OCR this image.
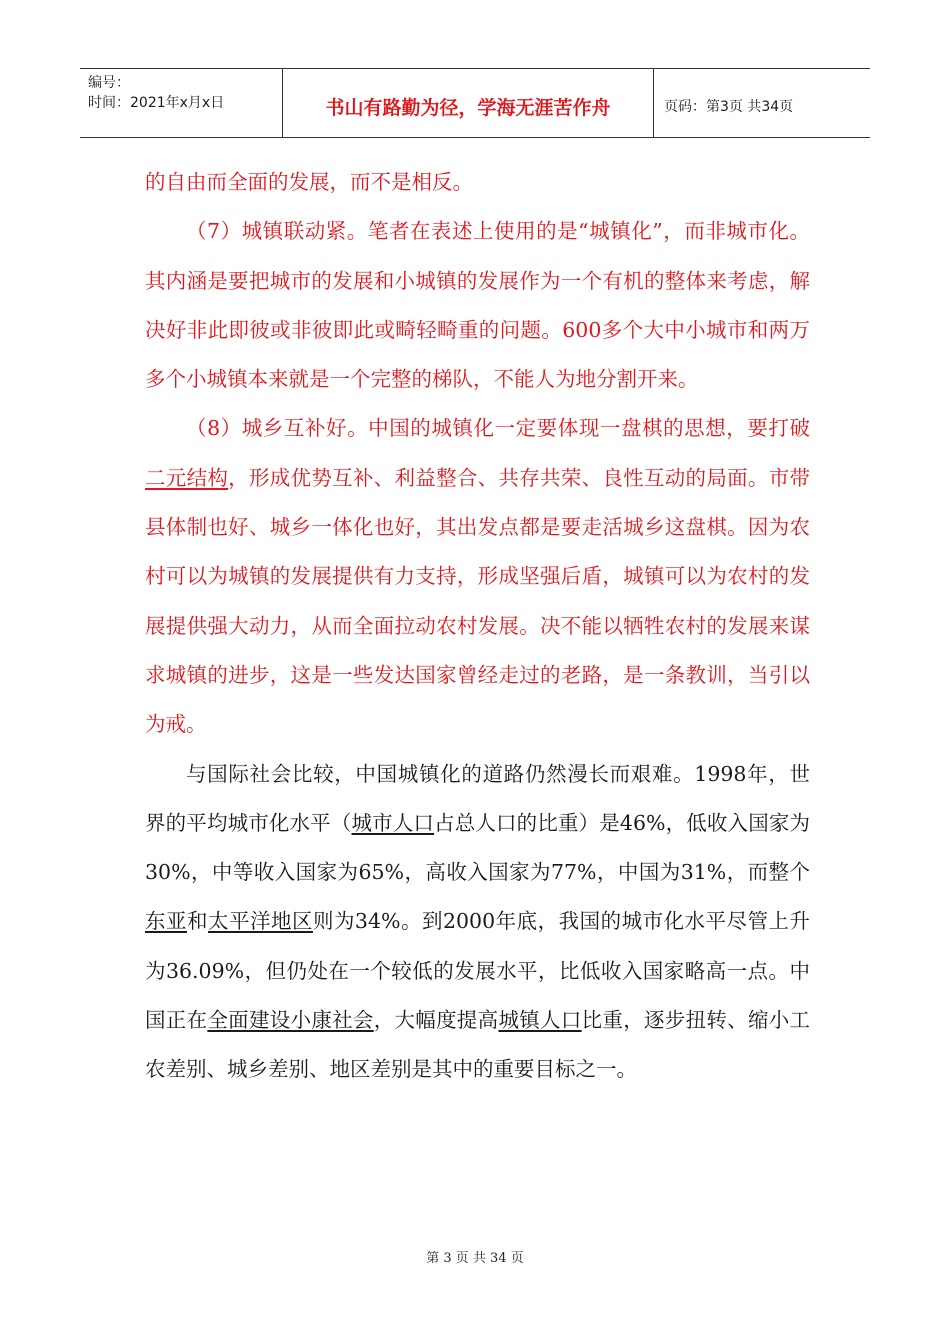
编号：
时间：2021年x月x日	书山有路勤为径，学海无涯苦作舟	页码：第3页 共34页

的自由而全面的发展，而不是相反。

（7）城镇联动紧。笔者在表述上使用的是“城镇化”，而非城市化。其内涵是要把城市的发展和小城镇的发展作为一个有机的整体来考虑，解决好非此即彼或非彼即此或畸轻畸重的问题。600多个大中小城市和两万多个小城镇本来就是一个完整的梯队，不能人为地分割开来。

（8）城乡互补好。中国的城镇化一定要体现一盘棋的思想，要打破二元结构，形成优势互补、利益整合、共存共荣、良性互动的局面。市带县体制也好、城乡一体化也好，其出发点都是要走活城乡这盘棋。因为农村可以为城镇的发展提供有力支持，形成坚强后盾，城镇可以为农村的发展提供强大动力，从而全面拉动农村发展。决不能以牺牲农村的发展来谋求城镇的进步，这是一些发达国家曾经走过的老路，是一条教训，当引以为戒。

与国际社会比较，中国城镇化的道路仍然漫长而艰难。1998年，世界的平均城市化水平（城市人口占总人口的比重）是46%，低收入国家为30%，中等收入国家为65%，高收入国家为77%，中国为31%，而整个东亚和太平洋地区则为34%。到2000年底，我国的城市化水平尽管上升为36.09%，但仍处在一个较低的发展水平，比低收入国家略高一点。中国正在全面建设小康社会，大幅度提高城镇人口比重，逐步扭转、缩小工农差别、城乡差别、地区差别是其中的重要目标之一。

第 3 页 共 34 页
